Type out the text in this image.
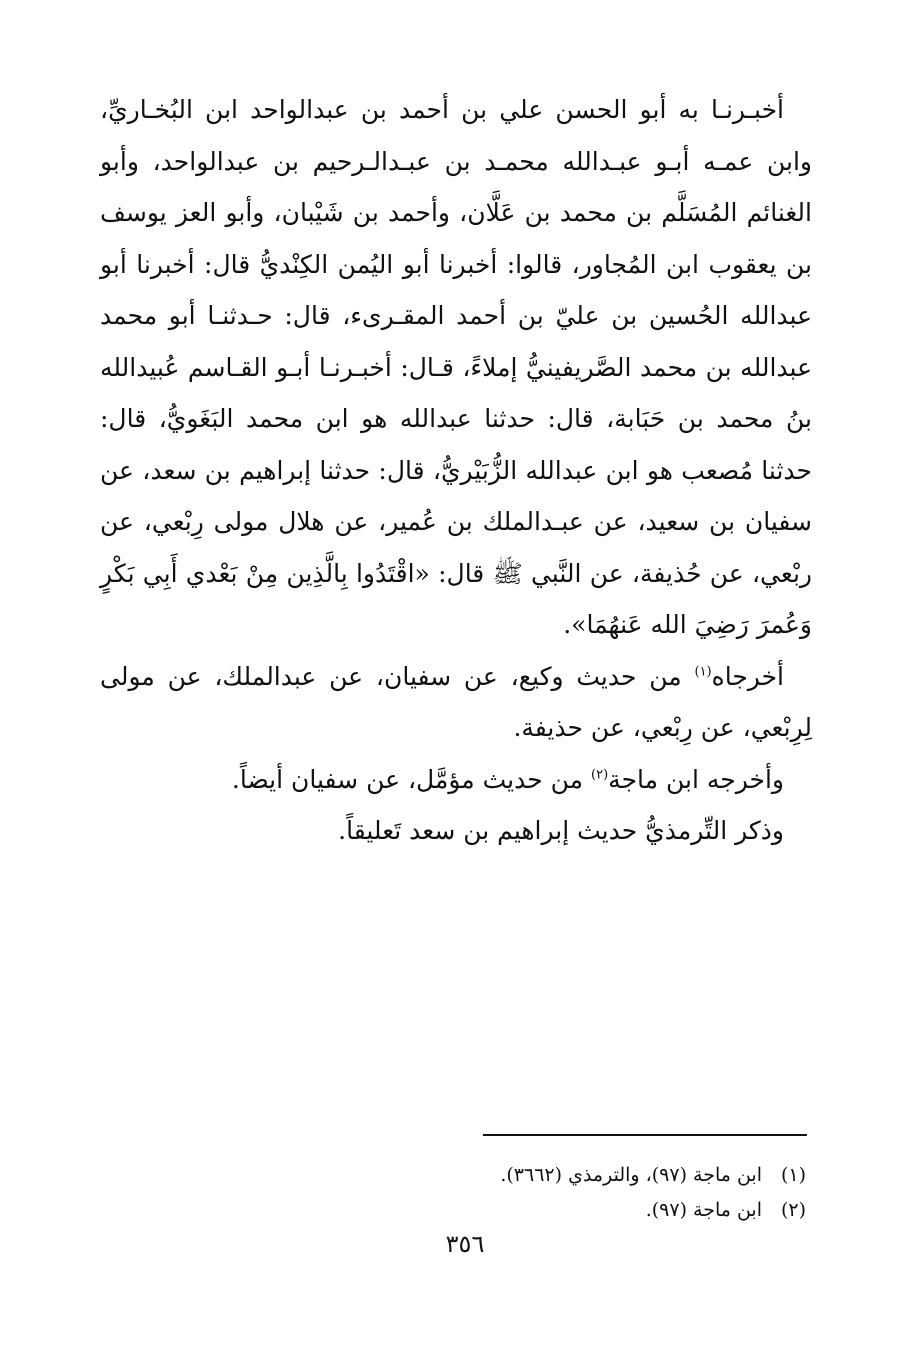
أخبـرنـا به أبو الحسن علي بن أحمد بن عبدالواحد ابن البُخـاريِّ، وابن عمـه أبـو عبـدالله محمـد بن عبـدالـرحيم بن عبدالواحد، وأبو الغنائم المُسَلَّم بن محمد بن عَلَّان، وأحمد بن شَيْبان، وأبو العز يوسف بن يعقوب ابن المُجاور، قالوا: أخبرنا أبو اليُمن الكِنْديُّ قال: أخبرنا أبو عبدالله الحُسين بن عليّ بن أحمد المقـرىء، قال: حـدثنـا أبو محمد عبدالله بن محمد الصَّريفينيُّ إملاءً، قـال: أخبـرنـا أبـو القـاسم عُبيدالله بنُ محمد بن حَبَابة، قال: حدثنا عبدالله هو ابن محمد البَغَويُّ، قال: حدثنا مُصعب هو ابن عبدالله الزُّبَيْريُّ، قال: حدثنا إبراهيم بن سعد، عن سفيان بن سعيد، عن عبـدالملك بن عُمير، عن هلال مولى رِبْعي، عن ربْعي، عن حُذيفة، عن النَّبي ﷺ قال: «اقْتَدُوا بِالَّذِين مِنْ بَعْدي أَبِي بَكْرٍ وَعُمرَ رَضِيَ الله عَنهُمَا».

أخرجاه$^{(١)}$ من حديث وكيع، عن سفيان، عن عبدالملك، عن مولى لِرِبْعي، عن رِبْعي، عن حذيفة.

وأخرجه ابن ماجة$^{(٢)}$ من حديث مؤمَّل، عن سفيان أيضاً.

وذكر التِّرمذيُّ حديث إبراهيم بن سعد تَعليقاً.

(١)
ابن ماجة (٩٧)، والترمذي (٣٦٦٢).
(٢)
ابن ماجة (٩٧).
٣٥٦
